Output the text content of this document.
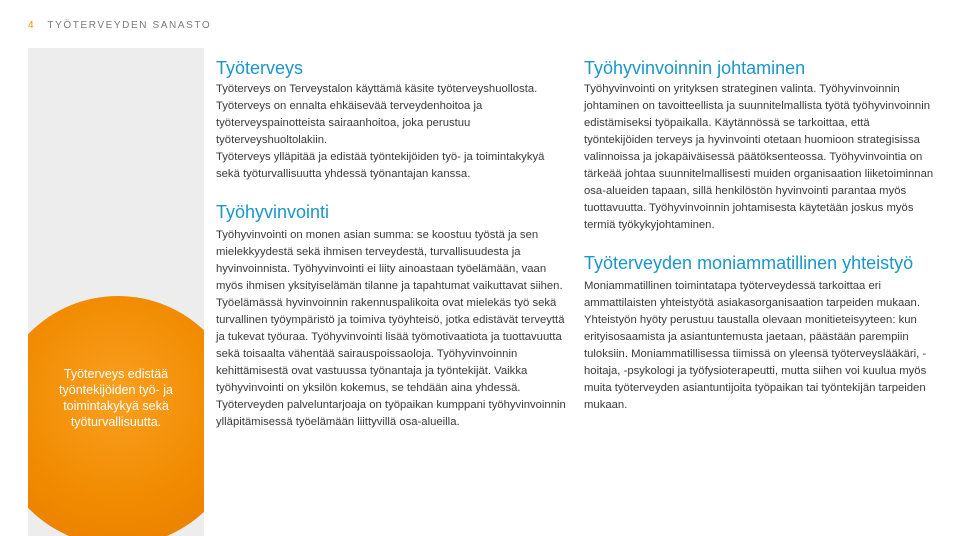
4 TYÖTERVEYDEN SANASTO
Työterveys edistää työntekijöiden työ- ja toimintakykyä sekä työturvallisuutta.
Työterveys

Työterveys on Terveystalon käyttämä käsite työterveyshuollosta.

Työterveys on ennalta ehkäisevää terveydenhoitoa ja työterveyspainotteista sairaanhoitoa, joka perustuu työterveyshuoltolakiin.

Työterveys ylläpitää ja edistää työntekijöiden työ- ja toimintakykyä sekä työturvallisuutta yhdessä työnantajan kanssa.

Työhyvinvointi

Työhyvinvointi on monen asian summa: se koostuu työstä ja sen mielekkyydestä sekä ihmisen terveydestä, turvallisuudesta ja hyvinvoinnista. Työhyvinvointi ei liity ainoastaan työelämään, vaan myös ihmisen yksityiselämän tilanne ja tapahtumat vaikuttavat siihen. Työelämässä hyvinvoinnin rakennuspalikoita ovat mielekäs työ sekä turvallinen työympäristö ja toimiva työyhteisö, jotka edistävät terveyttä ja tukevat työuraa. Työhyvinvointi lisää työmotivaatiota ja tuottavuutta sekä toisaalta vähentää sairauspoissaoloja. Työhyvinvoinnin kehittämisestä ovat vastuussa työnantaja ja työntekijät. Vaikka työhyvinvointi on yksilön kokemus, se tehdään aina yhdessä. Työterveyden palveluntarjoaja on työpaikan kumppani työhyvinvoinnin ylläpitämisessä työelämään liittyvillä osa-alueilla.

Työhyvinvoinnin johtaminen

Työhyvinvointi on yrityksen strateginen valinta. Työhyvinvoinnin johtaminen on tavoitteellista ja suunnitelmallista työtä työhyvinvoinnin edistämiseksi työpaikalla. Käytännössä se tarkoittaa, että työntekijöiden terveys ja hyvinvointi otetaan huomioon strategisissa valinnoissa ja jokapäiväisessä päätöksenteossa. Työhyvinvointia on tärkeää johtaa suunnitelmallisesti muiden organisaation liiketoiminnan osa-alueiden tapaan, sillä henkilöstön hyvinvointi parantaa myös tuottavuutta. Työhyvinvoinnin johtamisesta käytetään joskus myös termiä työkykyjohtaminen.

Työterveyden moniammatillinen yhteistyö

Moniammatillinen toimintatapa työterveydessä tarkoittaa eri ammattilaisten yhteistyötä asiakasorganisaation tarpeiden mukaan. Yhteistyön hyöty perustuu taustalla olevaan monitieteisyyteen: kun erityisosaamista ja asiantuntemusta jaetaan, päästään parempiin tuloksiin. Moniammatillisessa tiimissä on yleensä työterveyslääkäri, -hoitaja, -psykologi ja työfysioterapeutti, mutta siihen voi kuulua myös muita työterveyden asiantuntijoita työpaikan tai työntekijän tarpeiden mukaan.
